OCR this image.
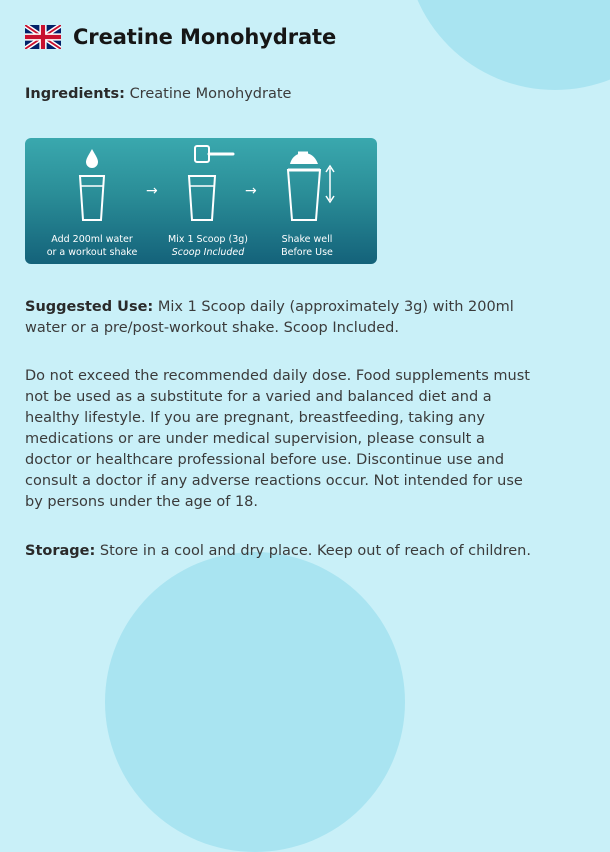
Creatine Monohydrate
Ingredients: Creatine Monohydrate
→	→
Add 200ml water
or a workout shake
Mix 1 Scoop (3g)
Scoop Included
Shake well
Before Use
Suggested Use: Mix 1 Scoop daily (approximately 3g) with 200ml
water or a pre/post-workout shake. Scoop Included.
Do not exceed the recommended daily dose. Food supplements must
not be used as a substitute for a varied and balanced diet and a
healthy lifestyle. If you are pregnant, breastfeeding, taking any
medications or are under medical supervision, please consult a
doctor or healthcare professional before use. Discontinue use and
consult a doctor if any adverse reactions occur. Not intended for use
by persons under the age of 18.
Storage: Store in a cool and dry place. Keep out of reach of children.
